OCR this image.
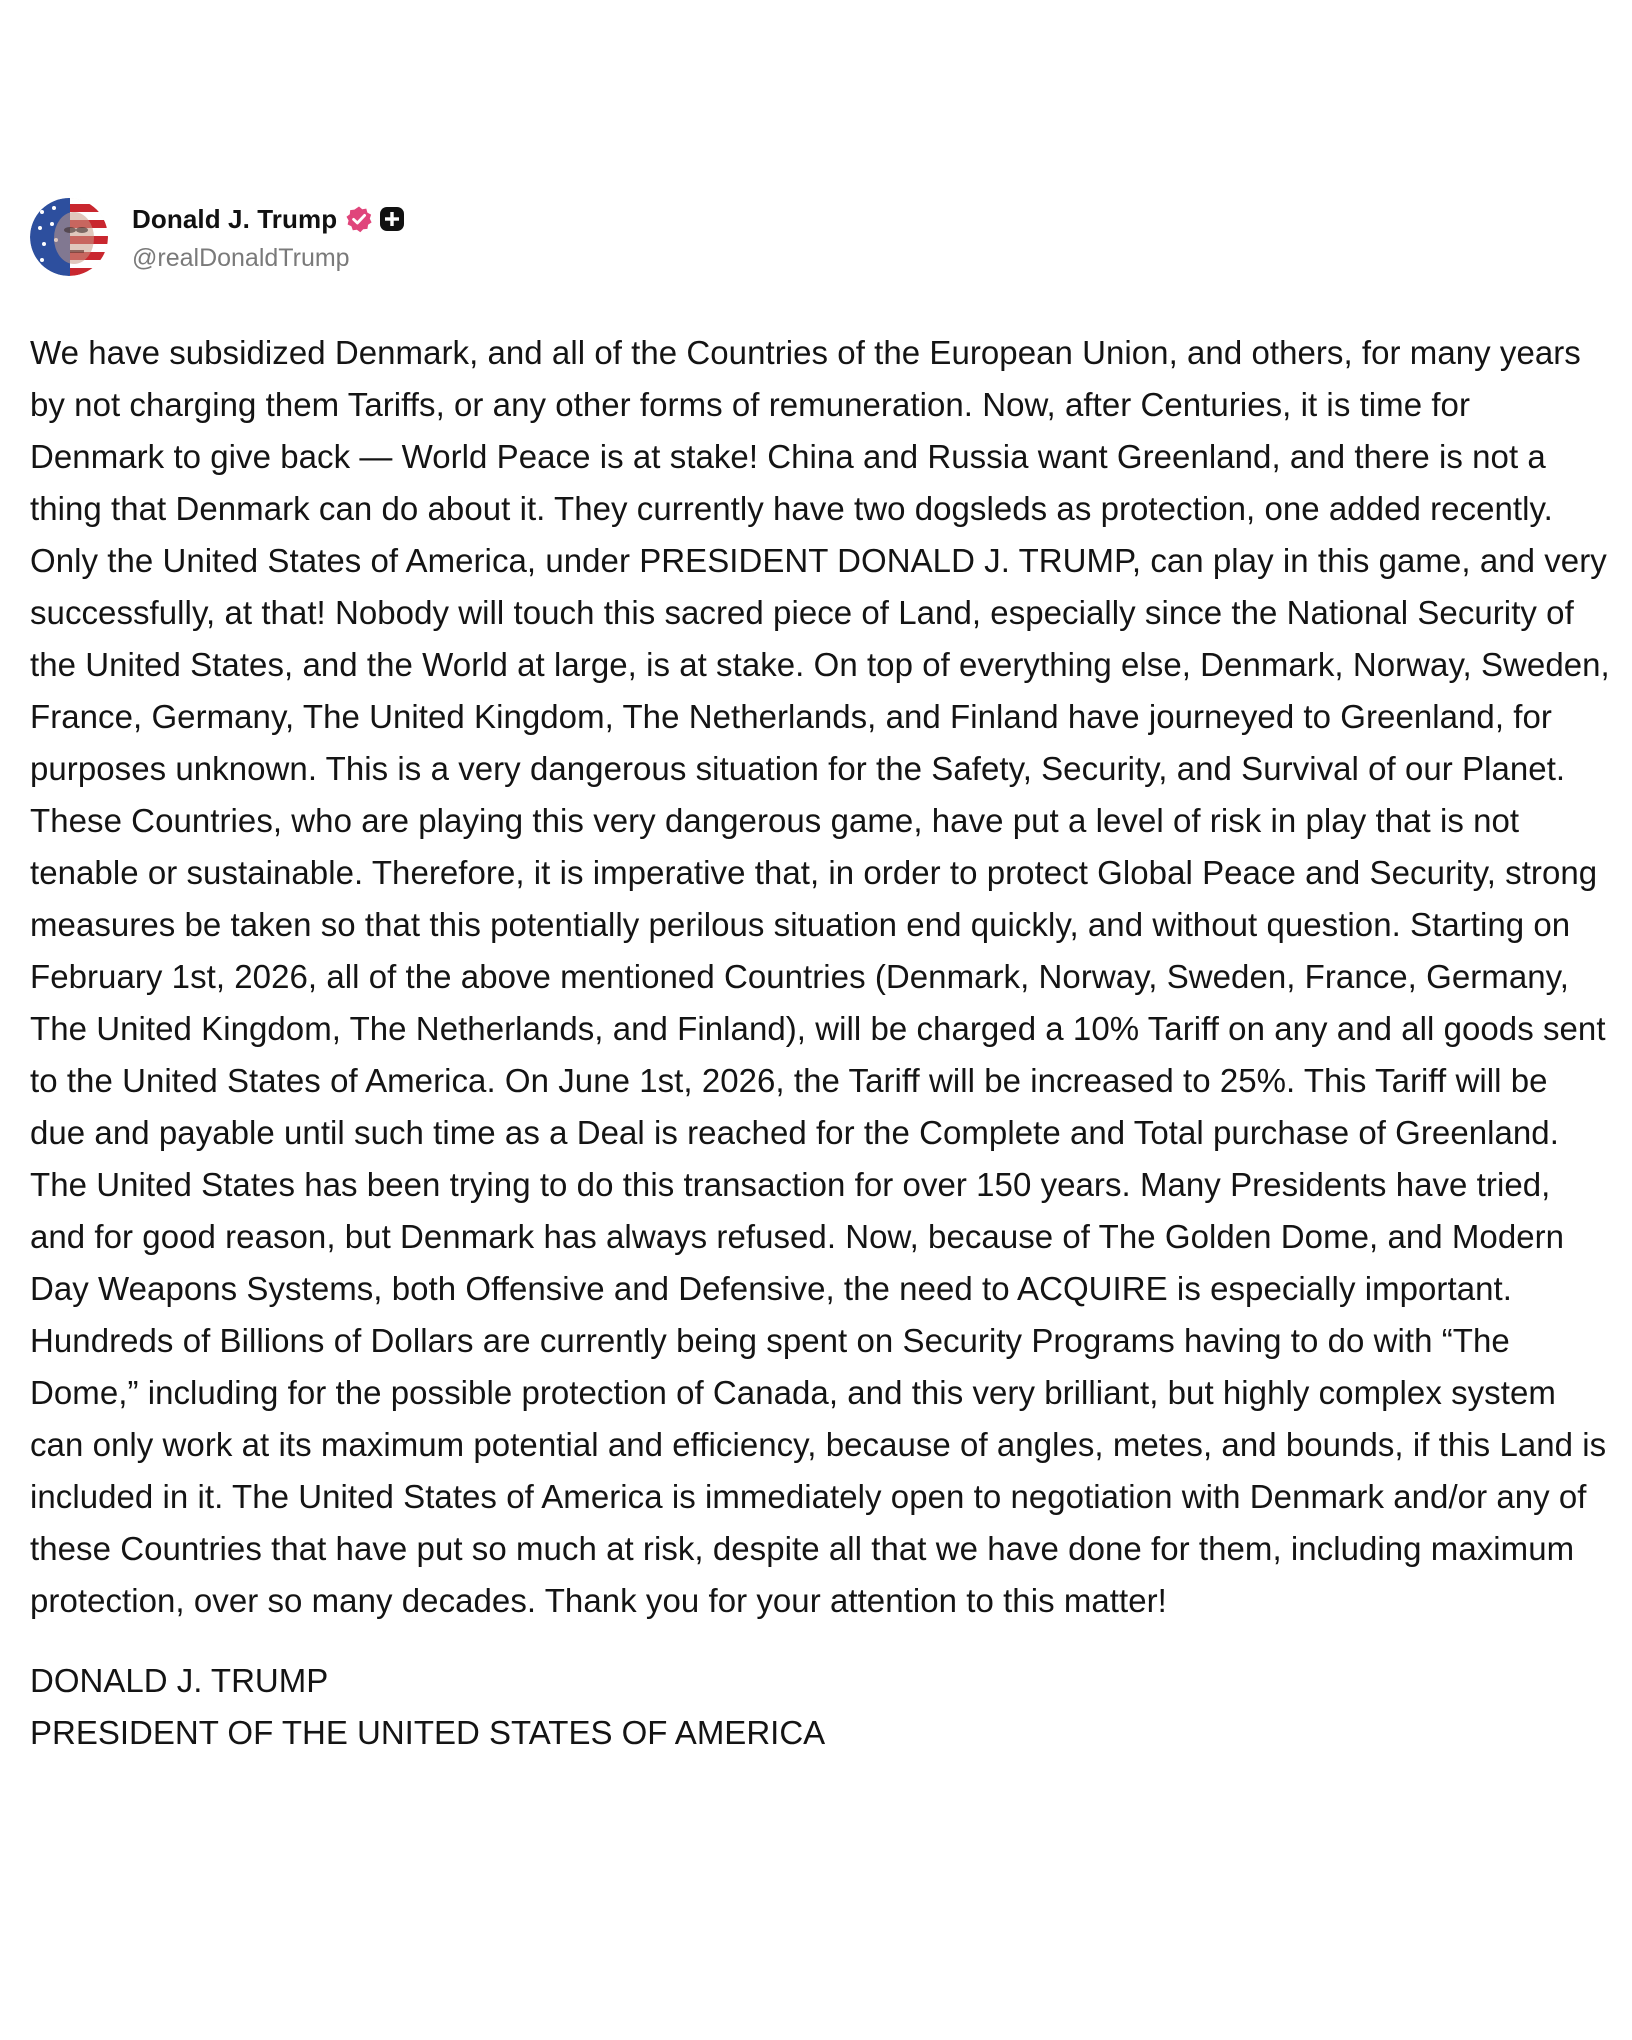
Donald J. Trump
@realDonaldTrump
We have subsidized Denmark, and all of the Countries of the European Union, and others, for many years by not charging them Tariffs, or any other forms of remuneration. Now, after Centuries, it is time for Denmark to give back — World Peace is at stake! China and Russia want Greenland, and there is not a thing that Denmark can do about it. They currently have two dogsleds as protection, one added recently. Only the United States of America, under PRESIDENT DONALD J. TRUMP, can play in this game, and very successfully, at that! Nobody will touch this sacred piece of Land, especially since the National Security of the United States, and the World at large, is at stake. On top of everything else, Denmark, Norway, Sweden, France, Germany, The United Kingdom, The Netherlands, and Finland have journeyed to Greenland, for purposes unknown. This is a very dangerous situation for the Safety, Security, and Survival of our Planet. These Countries, who are playing this very dangerous game, have put a level of risk in play that is not tenable or sustainable. Therefore, it is imperative that, in order to protect Global Peace and Security, strong measures be taken so that this potentially perilous situation end quickly, and without question. Starting on February 1st, 2026, all of the above mentioned Countries (Denmark, Norway, Sweden, France, Germany, The United Kingdom, The Netherlands, and Finland), will be charged a 10% Tariff on any and all goods sent to the United States of America. On June 1st, 2026, the Tariff will be increased to 25%. This Tariff will be due and payable until such time as a Deal is reached for the Complete and Total purchase of Greenland. The United States has been trying to do this transaction for over 150 years. Many Presidents have tried, and for good reason, but Denmark has always refused. Now, because of The Golden Dome, and Modern Day Weapons Systems, both Offensive and Defensive, the need to ACQUIRE is especially important. Hundreds of Billions of Dollars are currently being spent on Security Programs having to do with “The Dome,” including for the possible protection of Canada, and this very brilliant, but highly complex system can only work at its maximum potential and efficiency, because of angles, metes, and bounds, if this Land is included in it. The United States of America is immediately open to negotiation with Denmark and/or any of these Countries that have put so much at risk, despite all that we have done for them, including maximum protection, over so many decades. Thank you for your attention to this matter!
DONALD J. TRUMP
PRESIDENT OF THE UNITED STATES OF AMERICA
